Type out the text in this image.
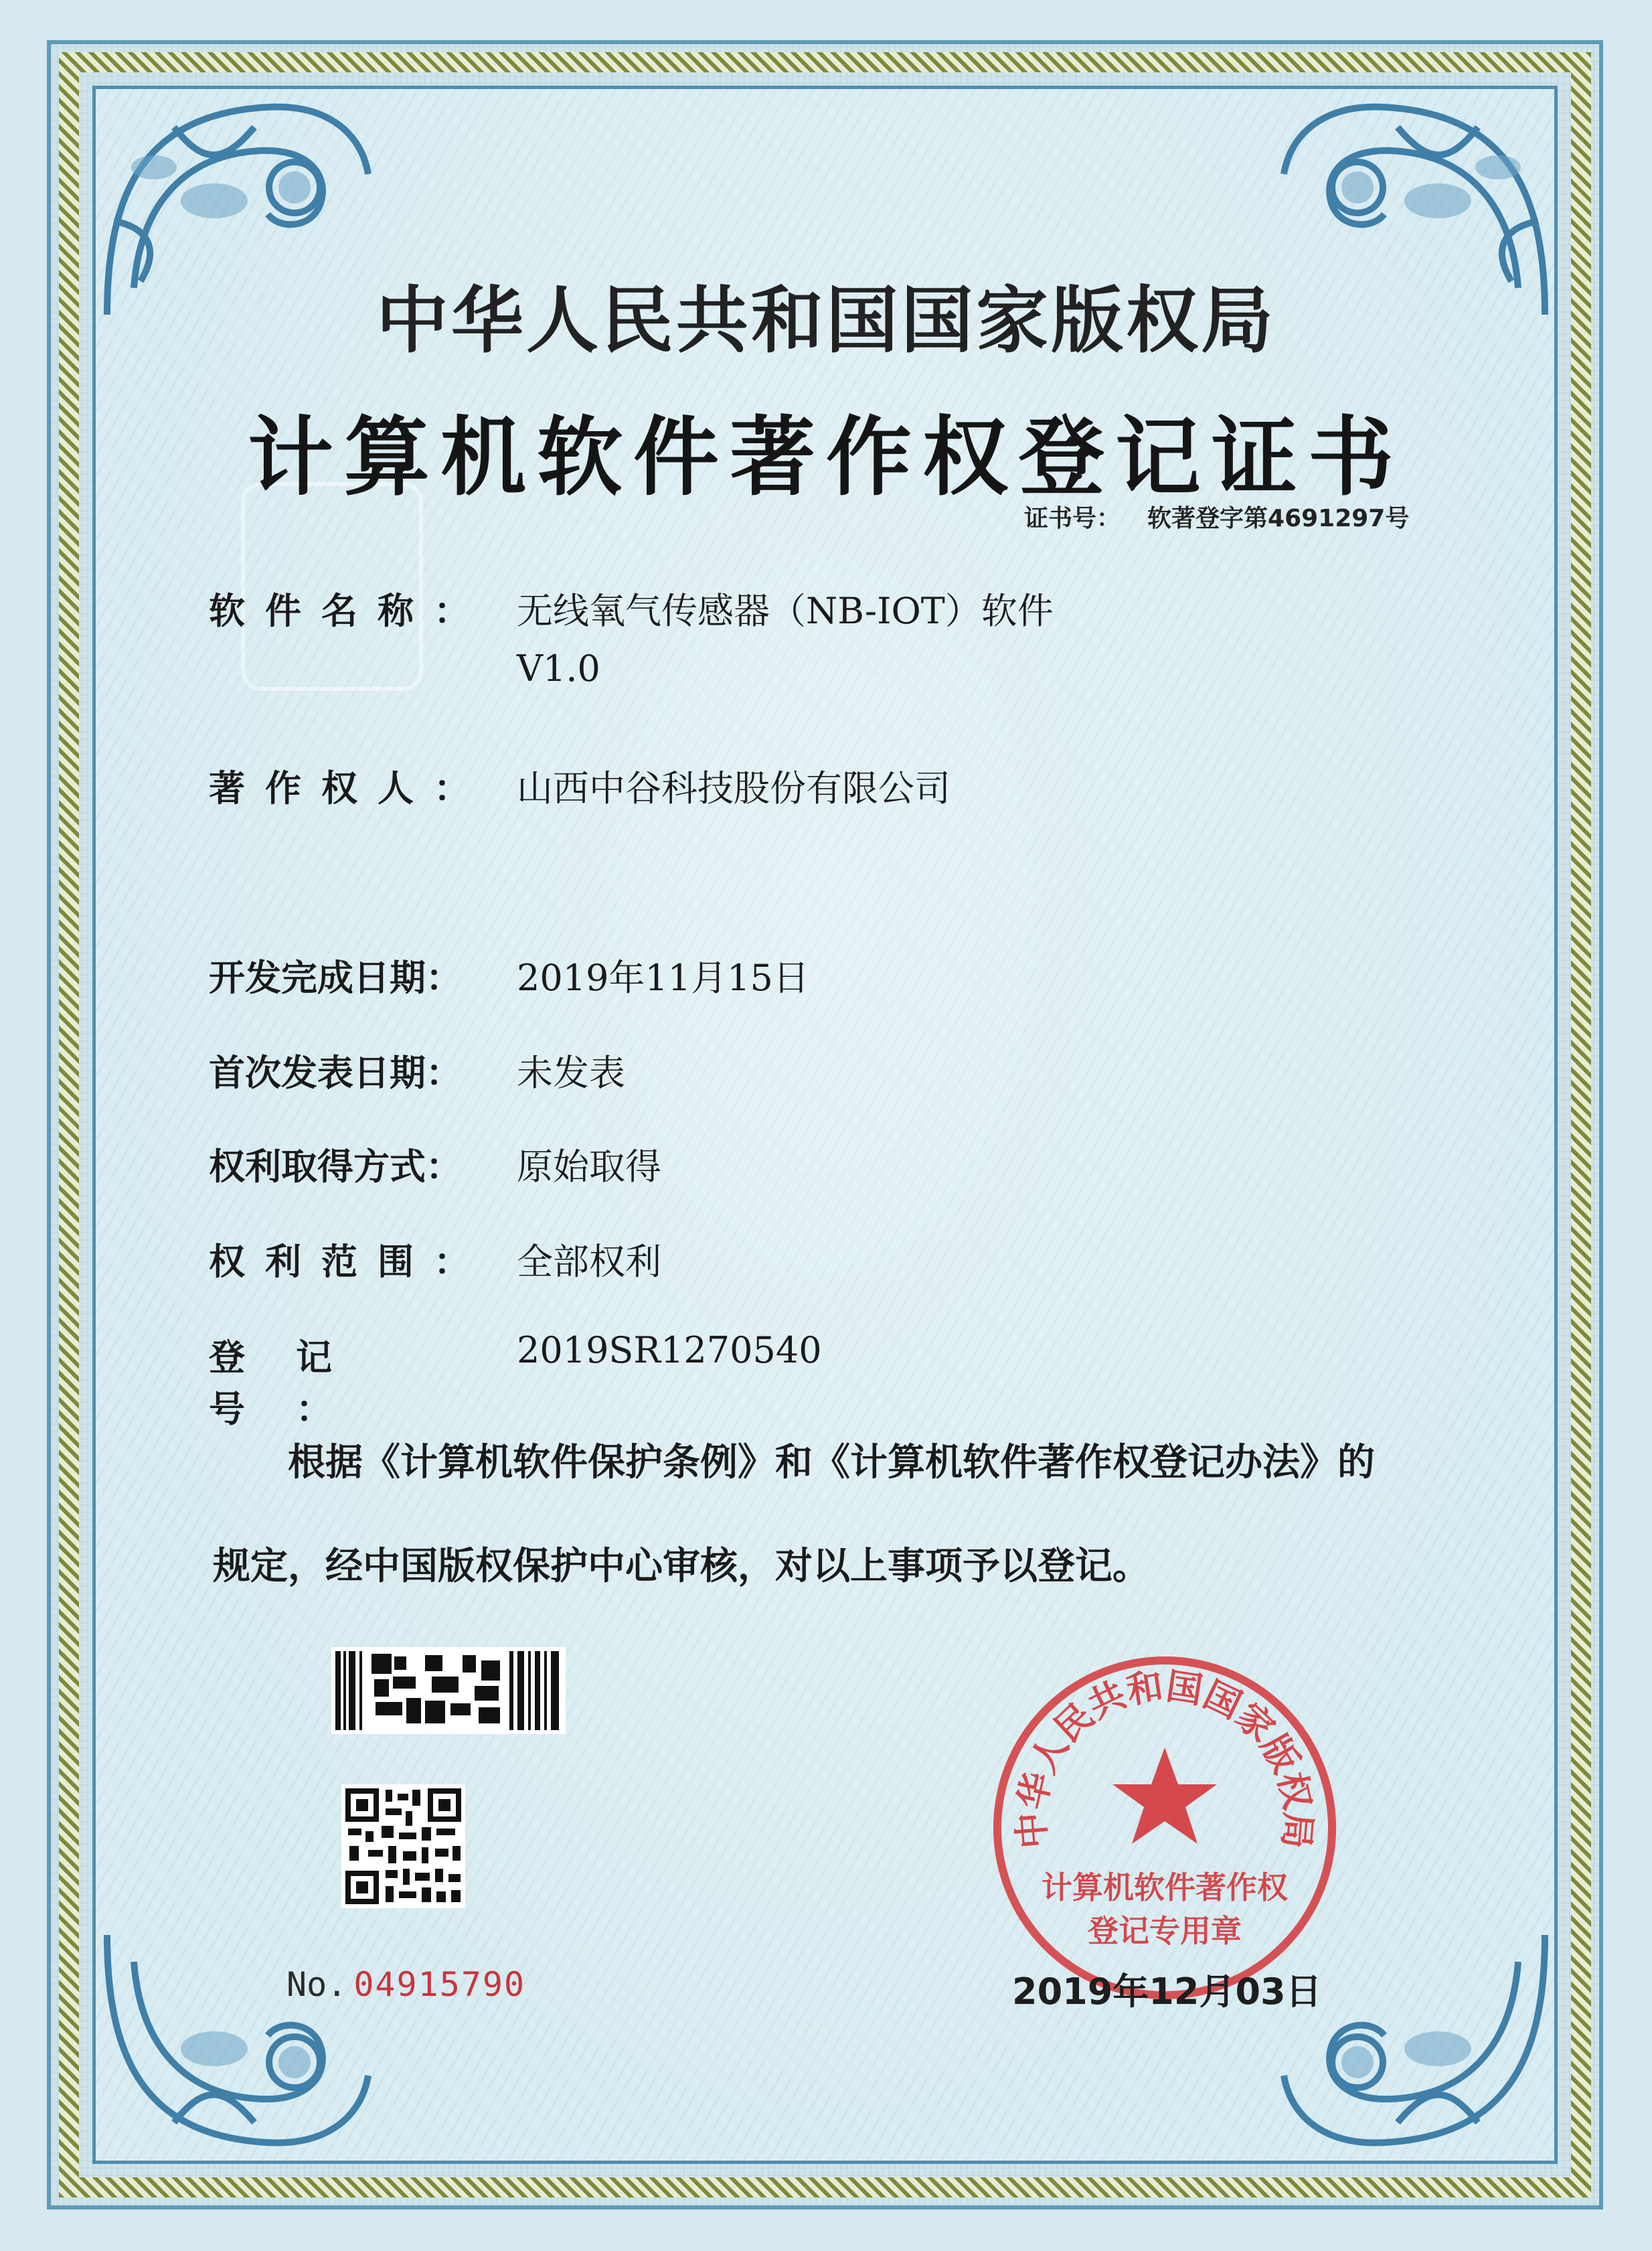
中华人民共和国国家版权局
计算机软件著作权登记证书
证书号： 软著登字第4691297号
软件名称： 无线氧气传感器（NB-IOT）软件
V1.0
著作权人： 山西中谷科技股份有限公司
开发完成日期： 2019年11月15日
首次发表日期： 未发表
权利取得方式： 原始取得
权利范围： 全部权利
登记号：2019SR1270540
根据《计算机软件保护条例》和《计算机软件著作权登记办法》的
规定，经中国版权保护中心审核，对以上事项予以登记。
No. 04915790
中华人民共和国国家版权局
计算机软件著作权
登记专用章
2019年12月03日
